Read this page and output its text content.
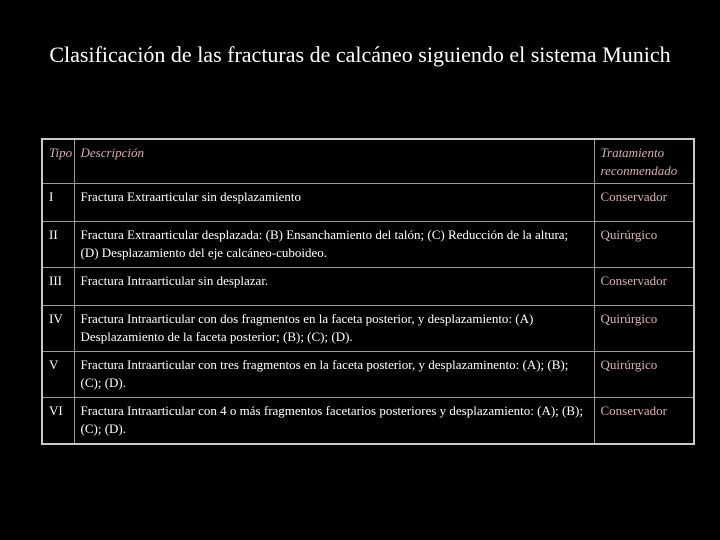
Clasificación de las fracturas de calcáneo siguiendo el sistema Munich
Tipo	Descripción	Tratamiento reconmendado
I	Fractura Extraarticular sin desplazamiento	Conservador
II	Fractura Extraarticular desplazada: (B) Ensanchamiento del talón; (C) Reducción de la altura; (D) Desplazamiento del eje calcáneo-cuboideo.	Quirúrgico
III	Fractura Intraarticular sin desplazar.	Conservador
IV	Fractura Intraarticular con dos fragmentos en la faceta posterior, y desplazamiento: (A) Desplazamiento de la faceta posterior; (B); (C); (D).	Quirúrgico
V	Fractura Intraarticular con tres fragmentos en la faceta posterior, y desplazaminento: (A); (B); (C); (D).	Quirúrgico
VI	Fractura Intraarticular con 4 o más fragmentos facetarios posteriores y desplazamiento: (A); (B); (C); (D).	Conservador
